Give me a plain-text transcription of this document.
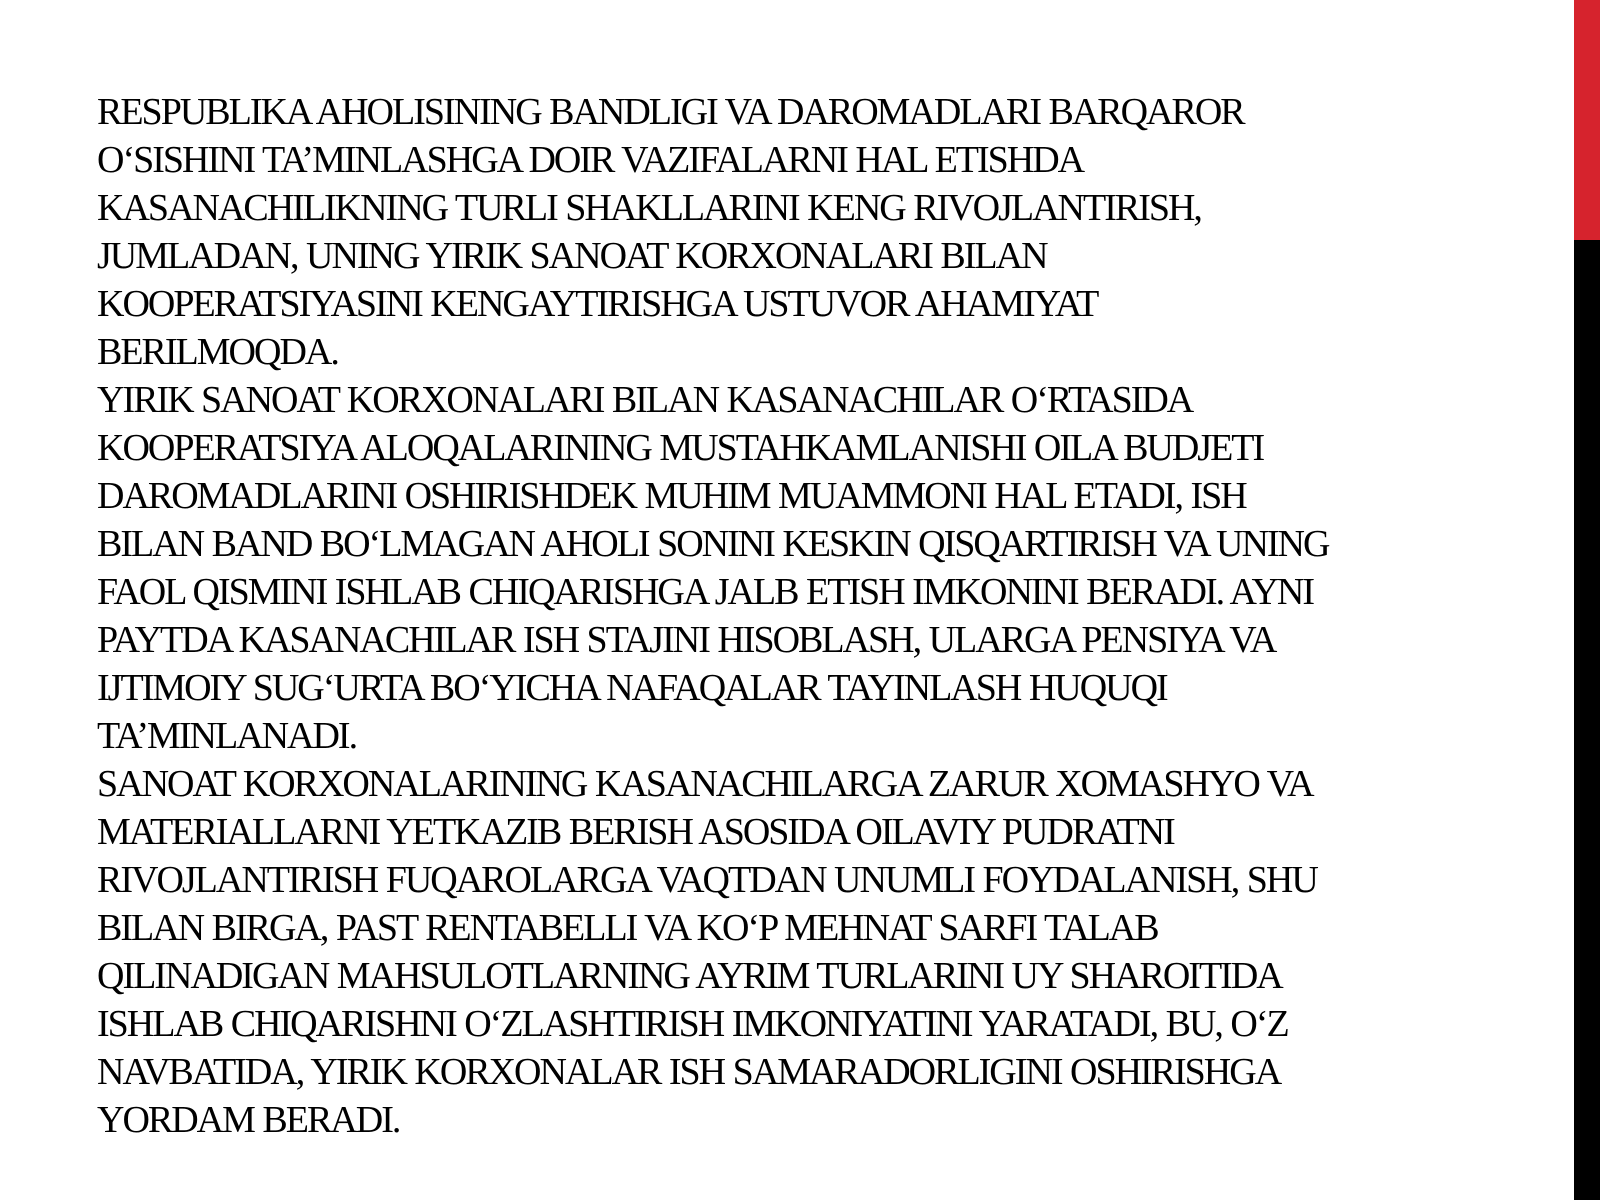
RESPUBLIKA AHOLISINING BANDLIGI VA DAROMADLARI BARQAROR
O‘SISHINI TA’MINLASHGA DOIR VAZIFALARNI HAL ETISHDA
KASANACHILIKNING TURLI SHAKLLARINI KENG RIVOJLANTIRISH,
JUMLADAN, UNING YIRIK SANOAT KORXONALARI BILAN
KOOPERATSIYASINI KENGAYTIRISHGA USTUVOR AHAMIYAT
BERILMOQDA.
YIRIK SANOAT KORXONALARI BILAN KASANACHILAR O‘RTASIDA
KOOPERATSIYA ALOQALARINING MUSTAHKAMLANISHI OILA BUDJETI
DAROMADLARINI OSHIRISHDEK MUHIM MUAMMONI HAL ETADI, ISH
BILAN BAND BO‘LMAGAN AHOLI SONINI KESKIN QISQARTIRISH VA UNING
FAOL QISMINI ISHLAB CHIQARISHGA JALB ETISH IMKONINI BERADI. AYNI
PAYTDA KASANACHILAR ISH STAJINI HISOBLASH, ULARGA PENSIYA VA
IJTIMOIY SUG‘URTA BO‘YICHA NAFAQALAR TAYINLASH HUQUQI
TA’MINLANADI.
SANOAT KORXONALARINING KASANACHILARGA ZARUR XOMASHYO VA
MATERIALLARNI YETKAZIB BERISH ASOSIDA OILAVIY PUDRATNI
RIVOJLANTIRISH FUQAROLARGA VAQTDAN UNUMLI FOYDALANISH, SHU
BILAN BIRGA, PAST RENTABELLI VA KO‘P MEHNAT SARFI TALAB
QILINADIGAN MAHSULOTLARNING AYRIM TURLARINI UY SHAROITIDA
ISHLAB CHIQARISHNI O‘ZLASHTIRISH IMKONIYATINI YARATADI, BU, O‘Z
NAVBATIDA, YIRIK KORXONALAR ISH SAMARADORLIGINI OSHIRISHGA
YORDAM BERADI.
